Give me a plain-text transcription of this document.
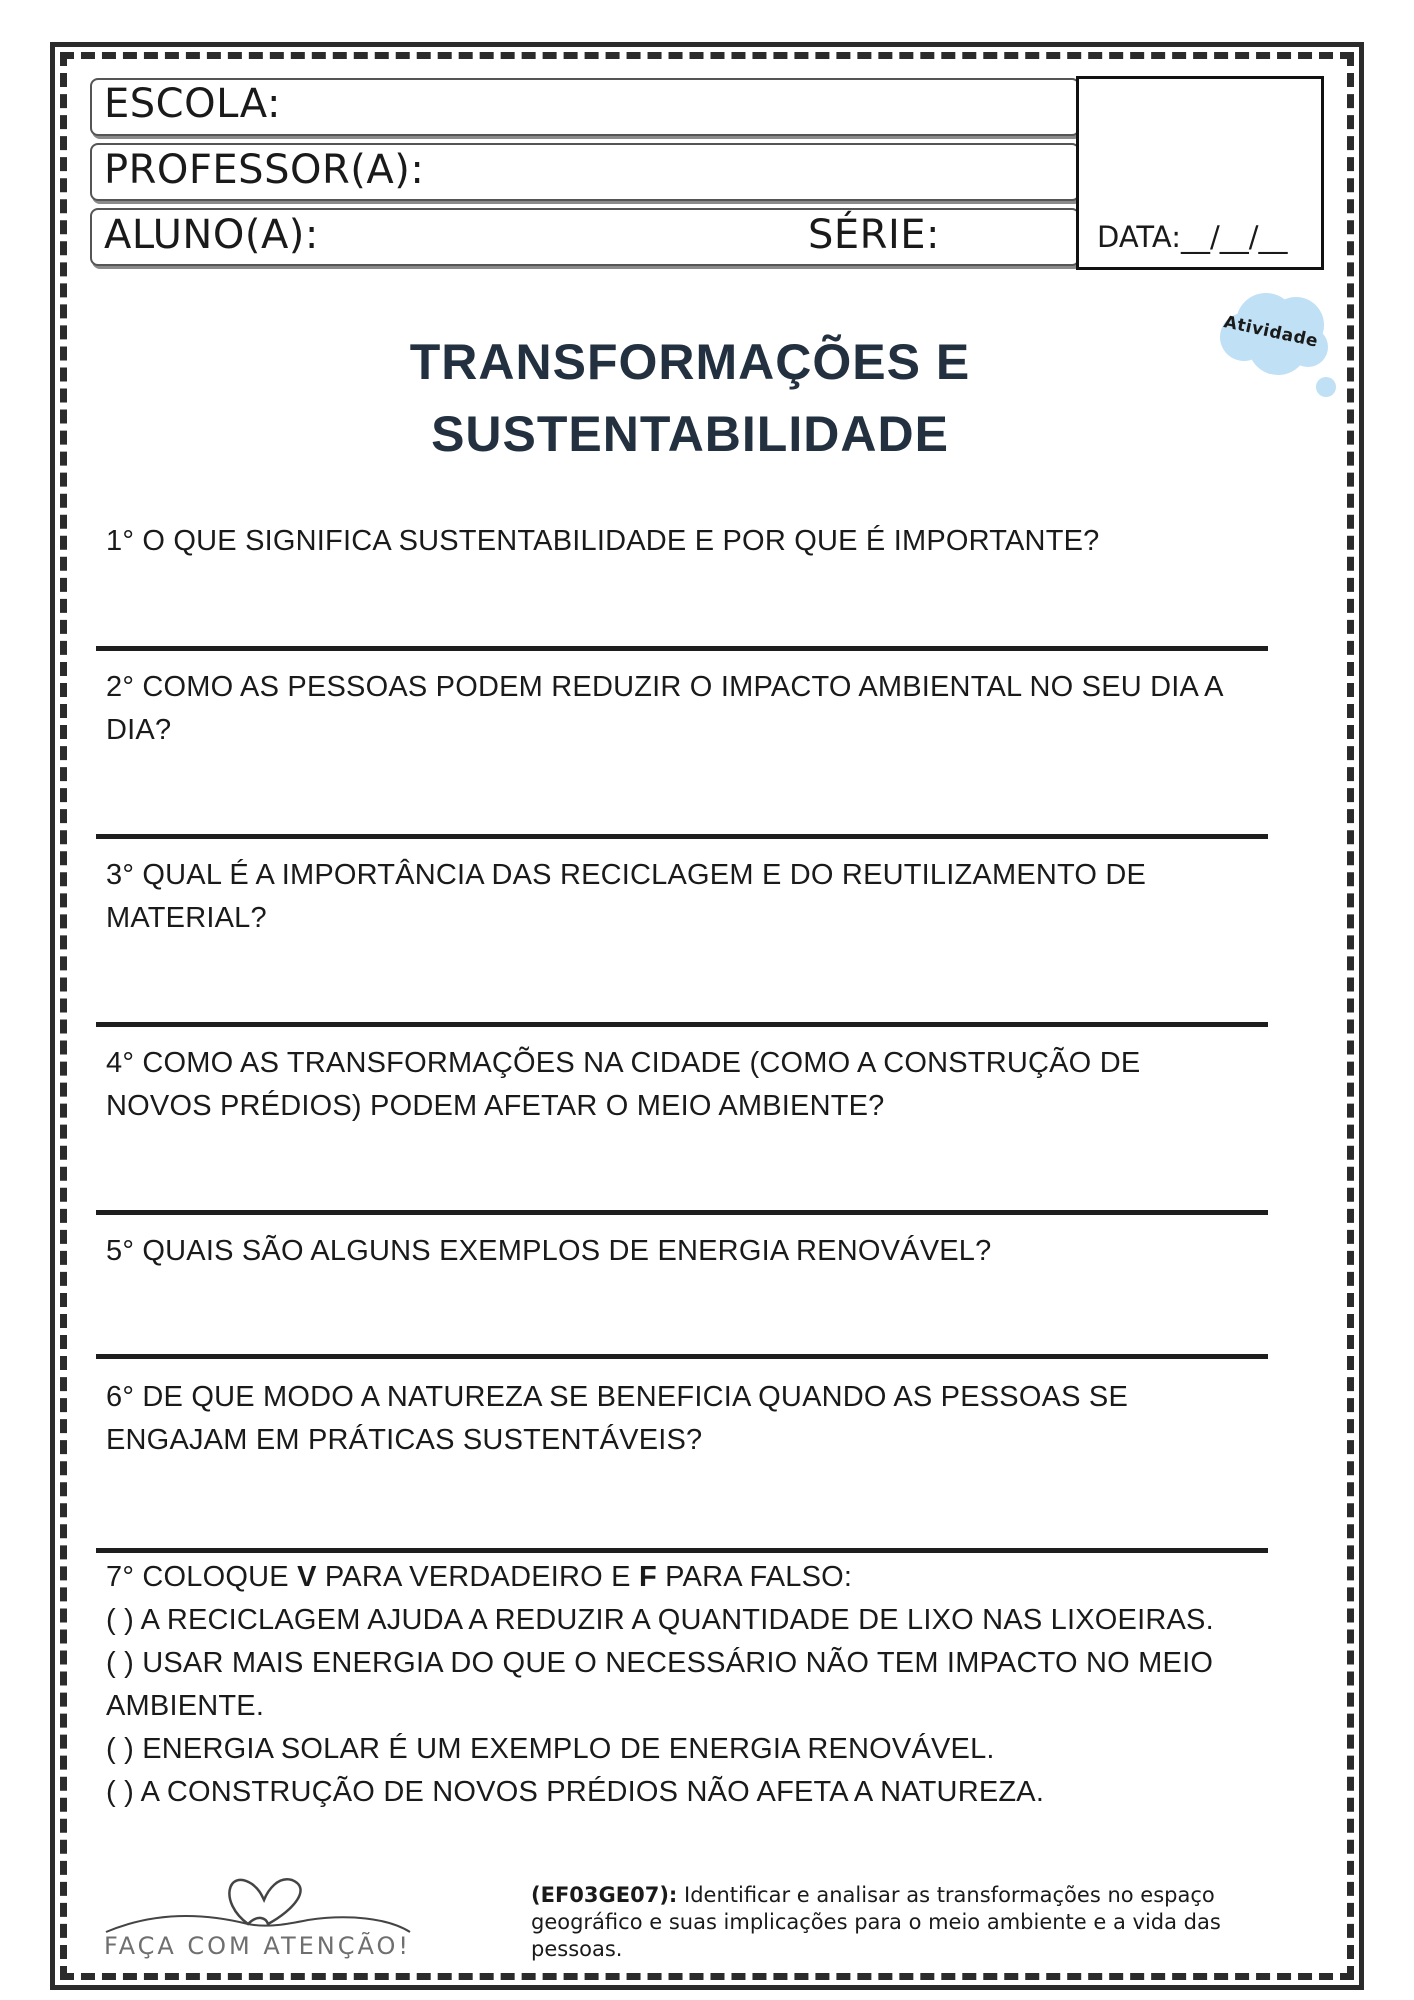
ESCOLA:
PROFESSOR(A):
ALUNO(A):	SÉRIE:	DATA:__/__/__
Atividade
TRANSFORMAÇÕES E
SUSTENTABILIDADE
1° O QUE SIGNIFICA SUSTENTABILIDADE E POR QUE É IMPORTANTE?
2° COMO AS PESSOAS PODEM REDUZIR O IMPACTO AMBIENTAL NO SEU DIA A DIA?
3° QUAL É A IMPORTÂNCIA DAS RECICLAGEM E DO REUTILIZAMENTO DE MATERIAL?
4° COMO AS TRANSFORMAÇÕES NA CIDADE (COMO A CONSTRUÇÃO DE NOVOS PRÉDIOS) PODEM AFETAR O MEIO AMBIENTE?
5° QUAIS SÃO ALGUNS EXEMPLOS DE ENERGIA RENOVÁVEL?
6° DE QUE MODO A NATUREZA SE BENEFICIA QUANDO AS PESSOAS SE ENGAJAM EM PRÁTICAS SUSTENTÁVEIS?
7° COLOQUE V PARA VERDADEIRO E F PARA FALSO:
( ) A RECICLAGEM AJUDA A REDUZIR A QUANTIDADE DE LIXO NAS LIXOEIRAS.
( ) USAR MAIS ENERGIA DO QUE O NECESSÁRIO NÃO TEM IMPACTO NO MEIO AMBIENTE.
( ) ENERGIA SOLAR É UM EXEMPLO DE ENERGIA RENOVÁVEL.
( ) A CONSTRUÇÃO DE NOVOS PRÉDIOS NÃO AFETA A NATUREZA.
FAÇA COM ATENÇÃO!
(EF03GE07): Identificar e analisar as transformações no espaço geográfico e suas implicações para o meio ambiente e a vida das pessoas.
